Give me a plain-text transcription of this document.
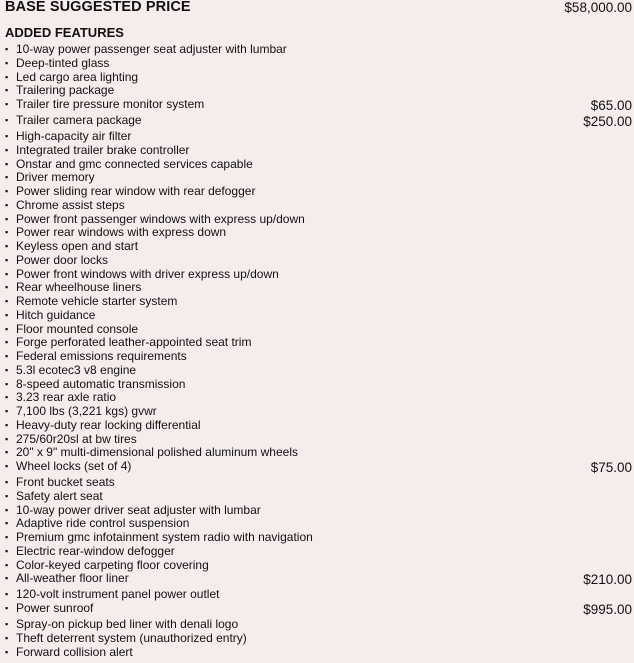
BASE SUGGESTED PRICE	$58,000.00
ADDED FEATURES
▪ 10-way power passenger seat adjuster with lumbar
▪ Deep-tinted glass
▪ Led cargo area lighting
▪ Trailering package
▪ Trailer tire pressure monitor system	$65.00
▪ Trailer camera package	$250.00
▪ High-capacity air filter
▪ Integrated trailer brake controller
▪ Onstar and gmc connected services capable
▪ Driver memory
▪ Power sliding rear window with rear defogger
▪ Chrome assist steps
▪ Power front passenger windows with express up/down
▪ Power rear windows with express down
▪ Keyless open and start
▪ Power door locks
▪ Power front windows with driver express up/down
▪ Rear wheelhouse liners
▪ Remote vehicle starter system
▪ Hitch guidance
▪ Floor mounted console
▪ Forge perforated leather-appointed seat trim
▪ Federal emissions requirements
▪ 5.3l ecotec3 v8 engine
▪ 8-speed automatic transmission
▪ 3.23 rear axle ratio
▪ 7,100 lbs (3,221 kgs) gvwr
▪ Heavy-duty rear locking differential
▪ 275/60r20sl at bw tires
▪ 20" x 9" multi-dimensional polished aluminum wheels
▪ Wheel locks (set of 4)	$75.00
▪ Front bucket seats
▪ Safety alert seat
▪ 10-way power driver seat adjuster with lumbar
▪ Adaptive ride control suspension
▪ Premium gmc infotainment system radio with navigation
▪ Electric rear-window defogger
▪ Color-keyed carpeting floor covering
▪ All-weather floor liner	$210.00
▪ 120-volt instrument panel power outlet
▪ Power sunroof	$995.00
▪ Spray-on pickup bed liner with denali logo
▪ Theft deterrent system (unauthorized entry)
▪ Forward collision alert
